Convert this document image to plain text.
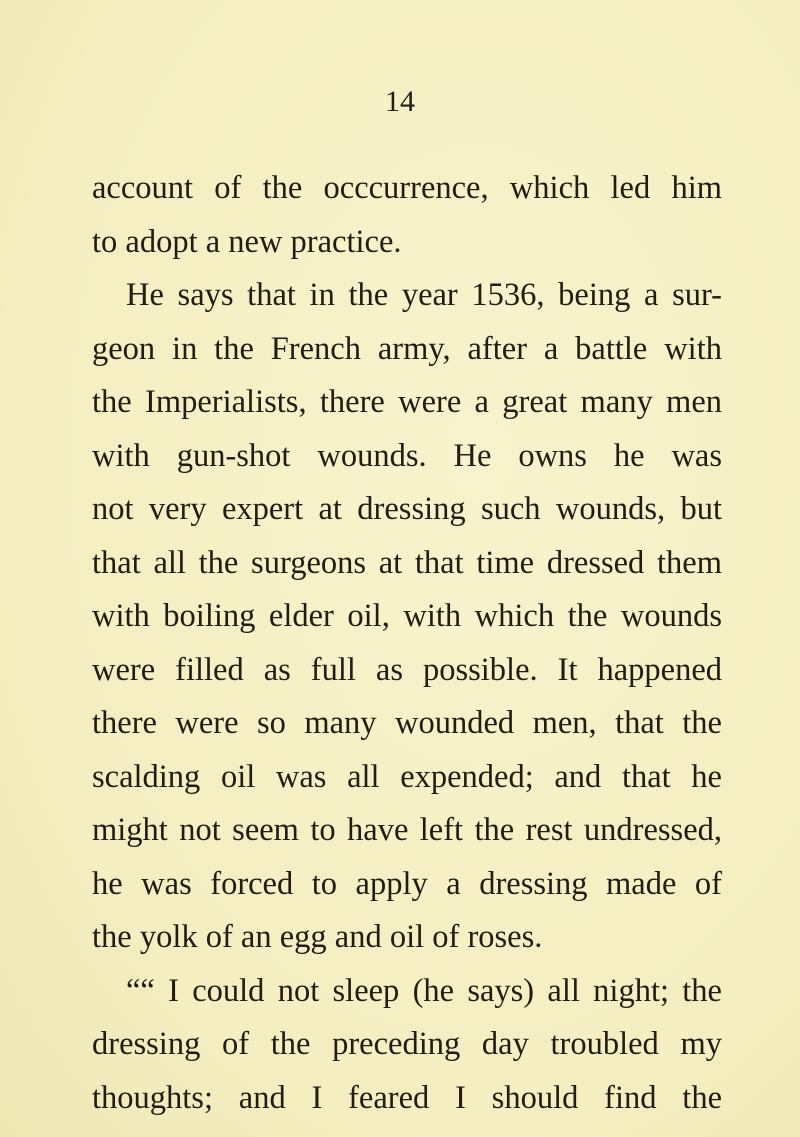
14
account of the occcurrence, which led him
to adopt a new practice.
He says that in the year 1536, being a sur-
geon in the French army, after a battle with
the Imperialists, there were a great many men
with gun-shot wounds. He owns he was
not very expert at dressing such wounds, but
that all the surgeons at that time dressed them
with boiling elder oil, with which the wounds
were filled as full as possible. It happened
there were so many wounded men, that the
scalding oil was all expended; and that he
might not seem to have left the rest undressed,
he was forced to apply a dressing made of
the yolk of an egg and oil of roses.
““ I could not sleep (he says) all night; the
dressing of the preceding day troubled my
thoughts; and I feared I should find the
